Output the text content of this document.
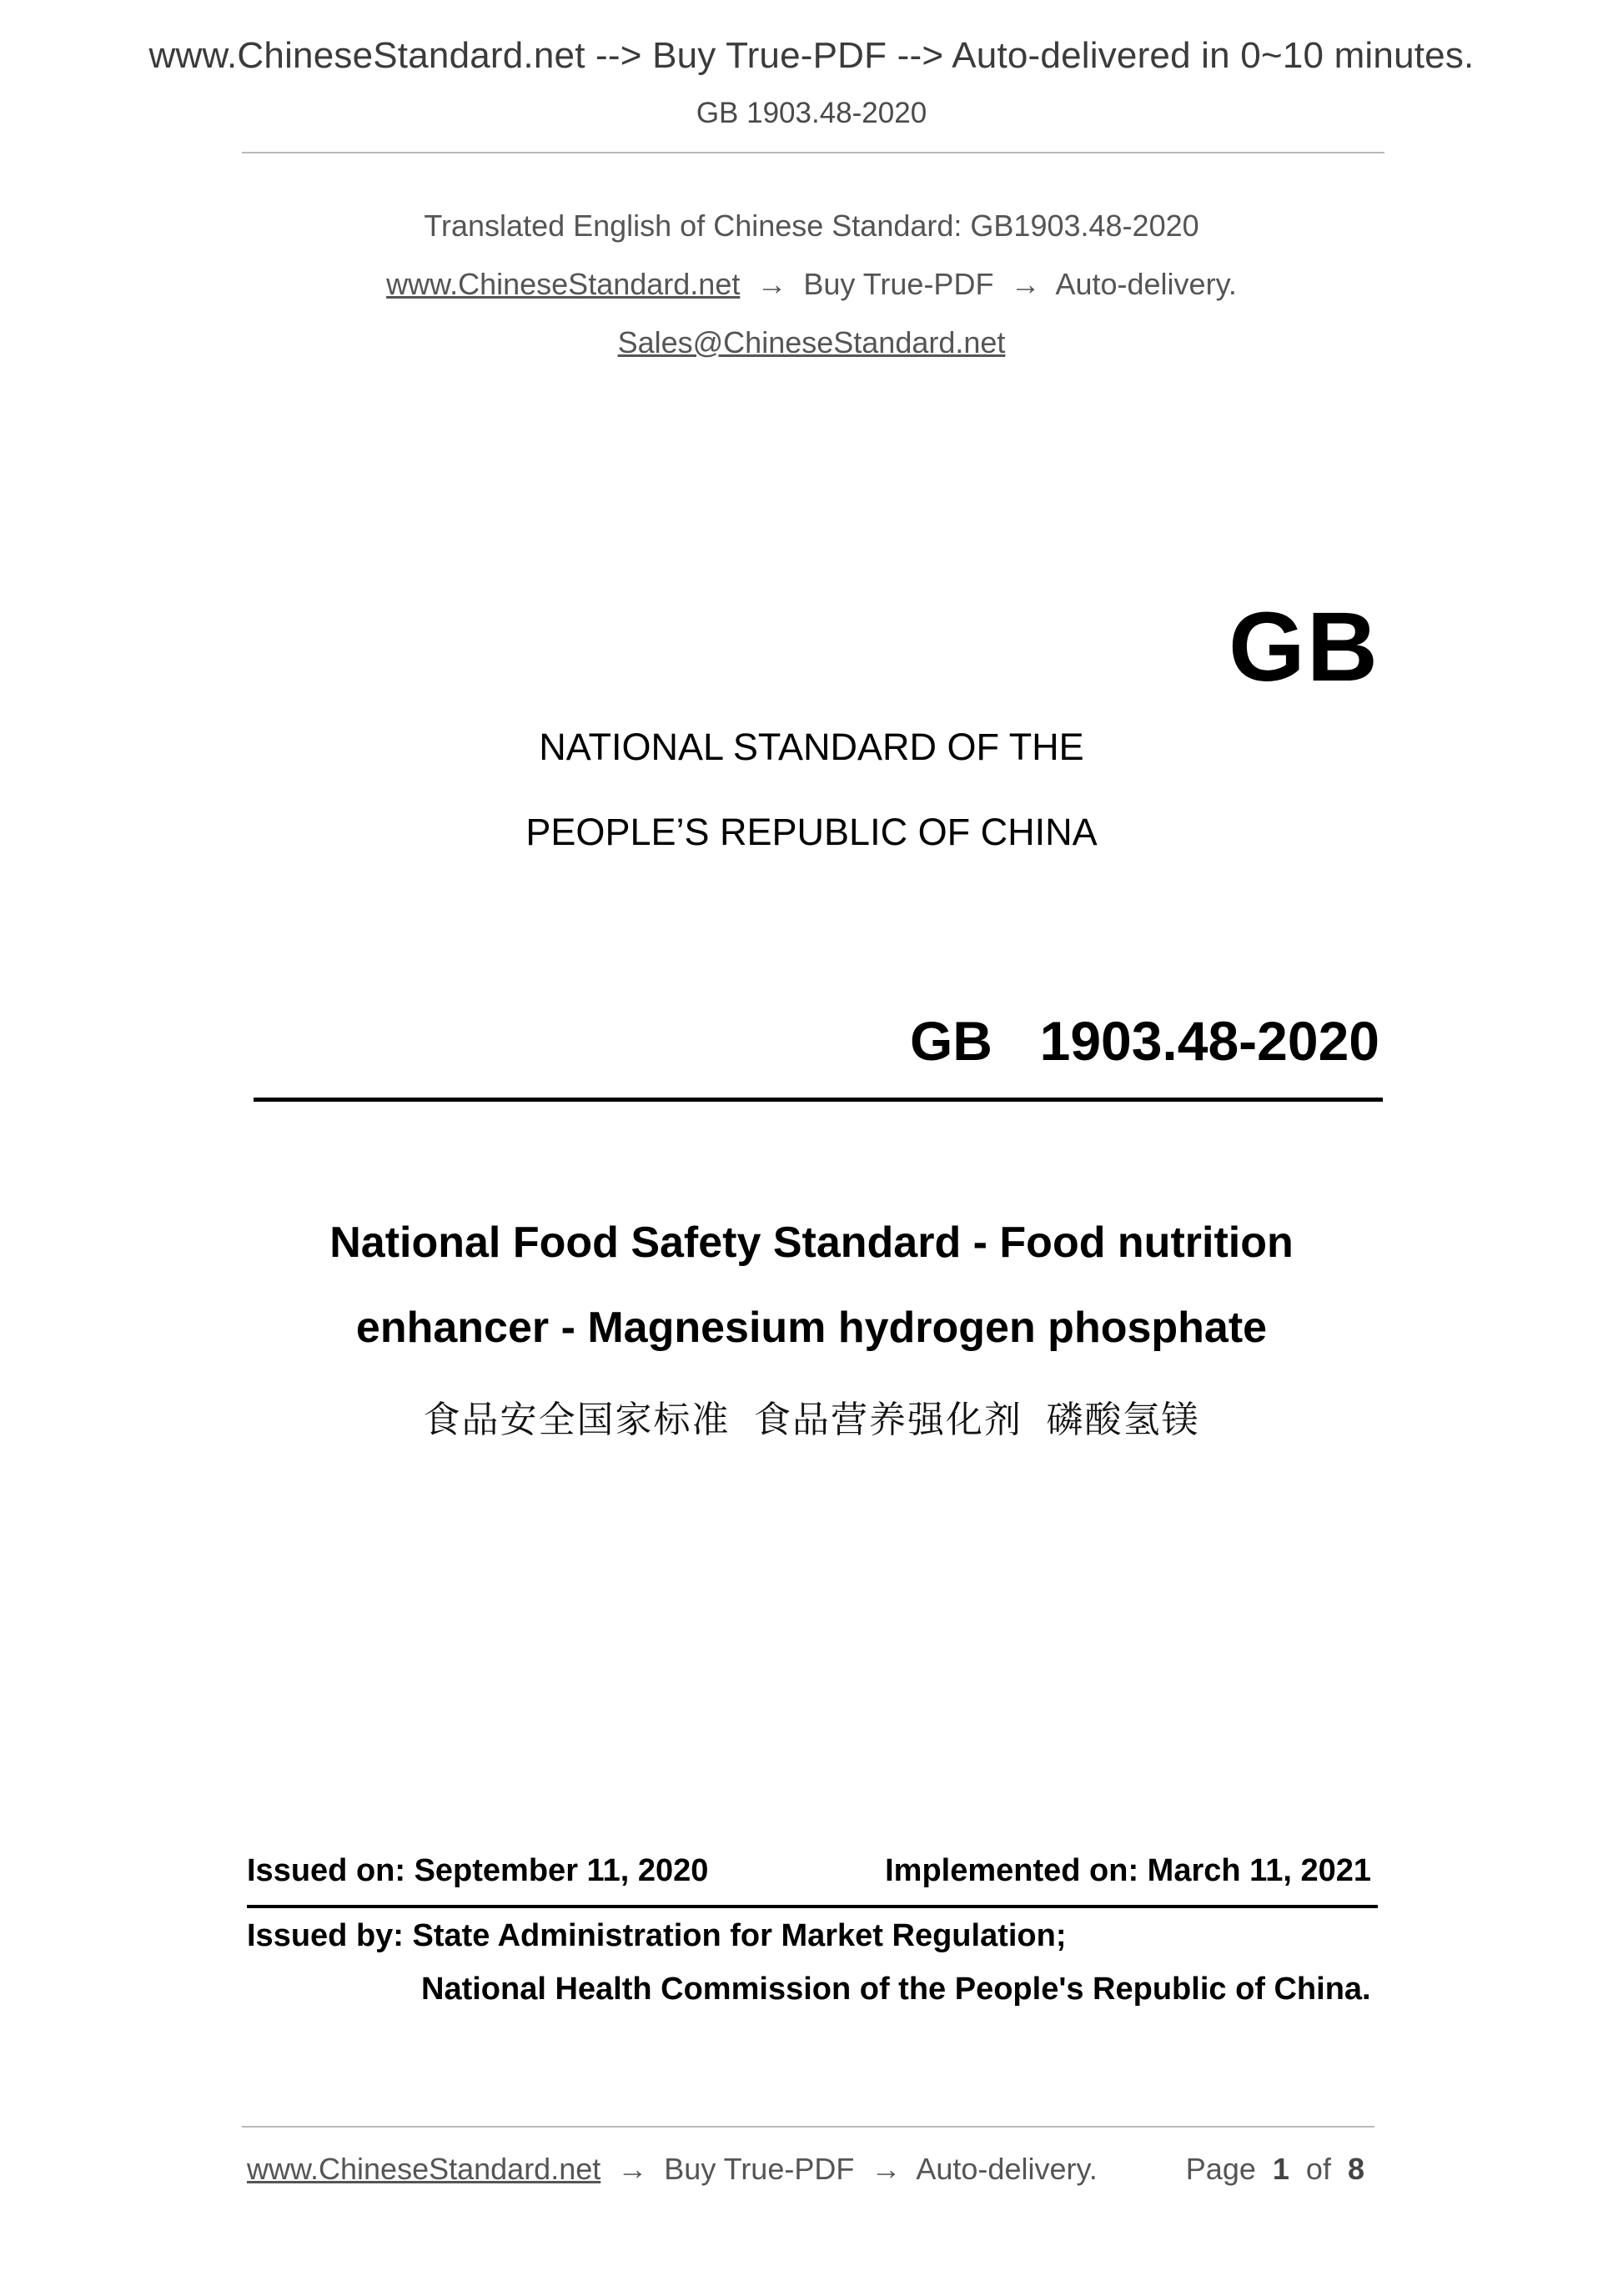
www.ChineseStandard.net --> Buy True-PDF --> Auto-delivered in 0~10 minutes.
GB 1903.48-2020
Translated English of Chinese Standard: GB1903.48-2020
www.ChineseStandard.net → Buy True-PDF → Auto-delivery.
Sales@ChineseStandard.net
GB
NATIONAL STANDARD OF THE
PEOPLE’S REPUBLIC OF CHINA
GB  1903.48-2020
National Food Safety Standard - Food nutrition
enhancer - Magnesium hydrogen phosphate
食品安全国家标准  食品营养强化剂  磷酸氢镁
Issued on: September 11, 2020	Implemented on: March 11, 2021
Issued by: State Administration for Market Regulation;
National Health Commission of the People's Republic of China.
www.ChineseStandard.net → Buy True-PDF → Auto-delivery.	Page 1 of 8
